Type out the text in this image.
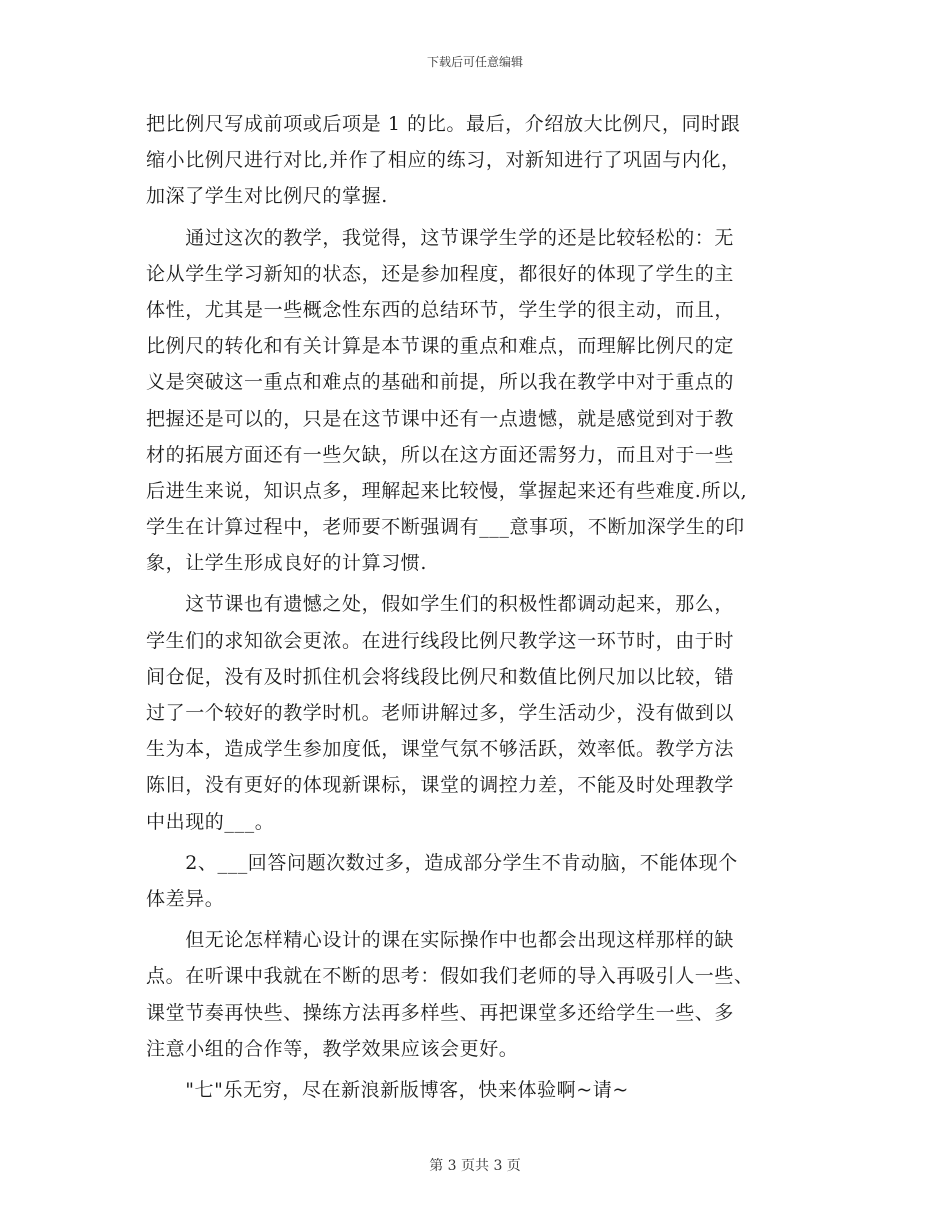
下载后可任意编辑
把比例尺写成前项或后项是 1 的比。最后，介绍放大比例尺，同时跟
缩小比例尺进行对比,并作了相应的练习，对新知进行了巩固与内化，
加深了学生对比例尺的掌握.
　　通过这次的教学，我觉得，这节课学生学的还是比较轻松的：无
论从学生学习新知的状态，还是参加程度，都很好的体现了学生的主
体性，尤其是一些概念性东西的总结环节，学生学的很主动，而且，
比例尺的转化和有关计算是本节课的重点和难点，而理解比例尺的定
义是突破这一重点和难点的基础和前提，所以我在教学中对于重点的
把握还是可以的，只是在这节课中还有一点遗憾，就是感觉到对于教
材的拓展方面还有一些欠缺，所以在这方面还需努力，而且对于一些
后进生来说，知识点多，理解起来比较慢，掌握起来还有些难度.所以,
学生在计算过程中，老师要不断强调有___意事项，不断加深学生的印
象，让学生形成良好的计算习惯.
　　这节课也有遗憾之处，假如学生们的积极性都调动起来，那么，
学生们的求知欲会更浓。在进行线段比例尺教学这一环节时，由于时
间仓促，没有及时抓住机会将线段比例尺和数值比例尺加以比较，错
过了一个较好的教学时机。老师讲解过多，学生活动少，没有做到以
生为本，造成学生参加度低，课堂气氛不够活跃，效率低。教学方法
陈旧，没有更好的体现新课标，课堂的调控力差，不能及时处理教学
中出现的___。
　　2、___回答问题次数过多，造成部分学生不肯动脑，不能体现个
体差异。
　　但无论怎样精心设计的课在实际操作中也都会出现这样那样的缺
点。在听课中我就在不断的思考：假如我们老师的导入再吸引人一些、
课堂节奏再快些、操练方法再多样些、再把课堂多还给学生一些、多
注意小组的合作等，教学效果应该会更好。
　　"七"乐无穷，尽在新浪新版博客，快来体验啊~请~
第 3 页共 3 页
